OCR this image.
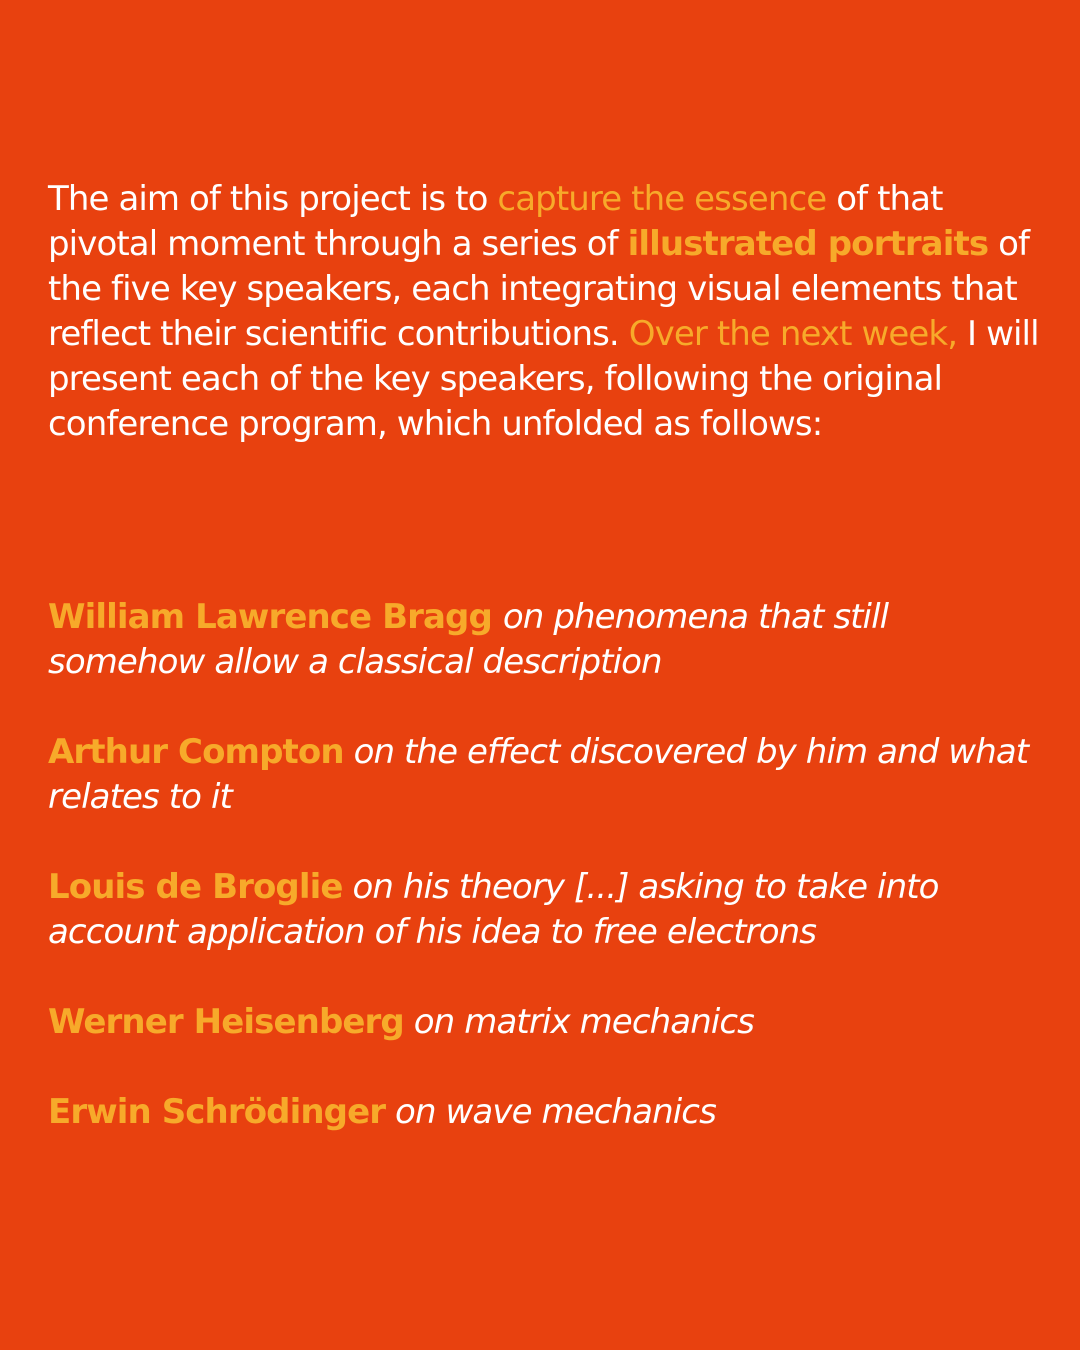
The aim of this project is to capture the essence of that pivotal moment through a series of illustrated portraits of the five key speakers, each integrating visual elements that reflect their scientific contributions. Over the next week, I will present each of the key speakers, following the original conference program, which unfolded as follows:

William Lawrence Bragg on phenomena that still somehow allow a classical description

Arthur Compton on the effect discovered by him and what relates to it

Louis de Broglie on his theory [...] asking to take into account application of his idea to free electrons

Werner Heisenberg on matrix mechanics

Erwin Schrödinger on wave mechanics
